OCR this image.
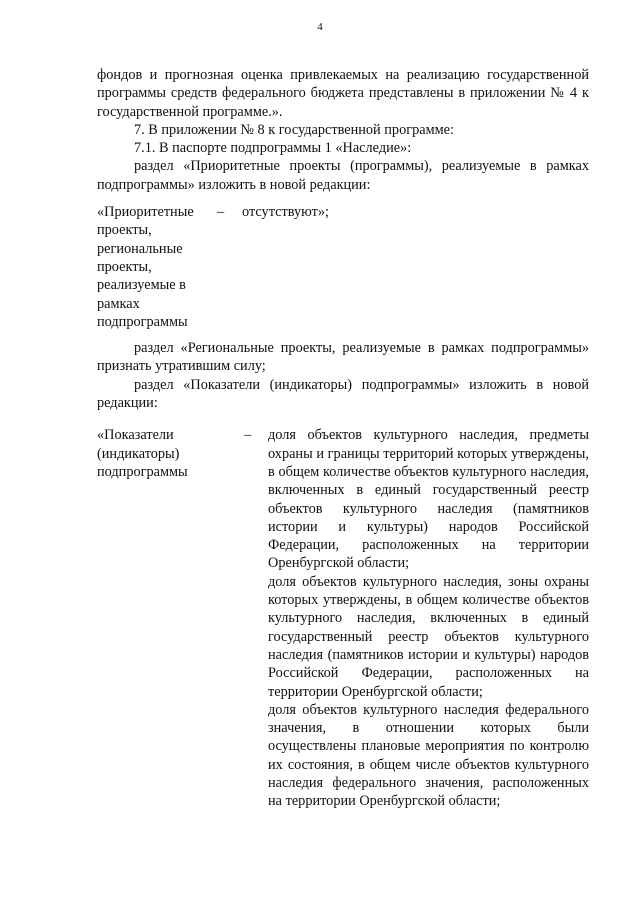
4

фондов и прогнозная оценка привлекаемых на реализацию государственной программы средств федерального бюджета представлены в приложении № 4 к государственной программе.».

7. В приложении № 8 к государственной программе:

7.1. В паспорте подпрограммы 1 «Наследие»:

раздел «Приоритетные проекты (программы), реализуемые в рамках подпрограммы» изложить в новой редакции:

«Приоритетные проекты, региональные проекты, реализуемые в рамках подпрограммы
–	отсутствуют»;

раздел «Региональные проекты, реализуемые в рамках подпрограммы» признать утратившим силу;

раздел «Показатели (индикаторы) подпрограммы» изложить в новой редакции:

«Показатели (индикаторы) подпрограммы
–	доля объектов культурного наследия, предметы охраны и границы территорий которых утверждены, в общем количестве объектов культурного наследия, включенных в единый государственный реестр объектов культурного наследия (памятников истории и культуры) народов Российской Федерации, расположенных на территории Оренбургской области;

доля объектов культурного наследия, зоны охраны которых утверждены, в общем количестве объектов культурного наследия, включенных в единый государственный реестр объектов культурного наследия (памятников истории и культуры) народов Российской Федерации, расположенных на территории Оренбургской области;

доля объектов культурного наследия федерального значения, в отношении которых были осуществлены плановые мероприятия по контролю их состояния, в общем числе объектов культурного наследия федерального значения, расположенных на территории Оренбургской области;
